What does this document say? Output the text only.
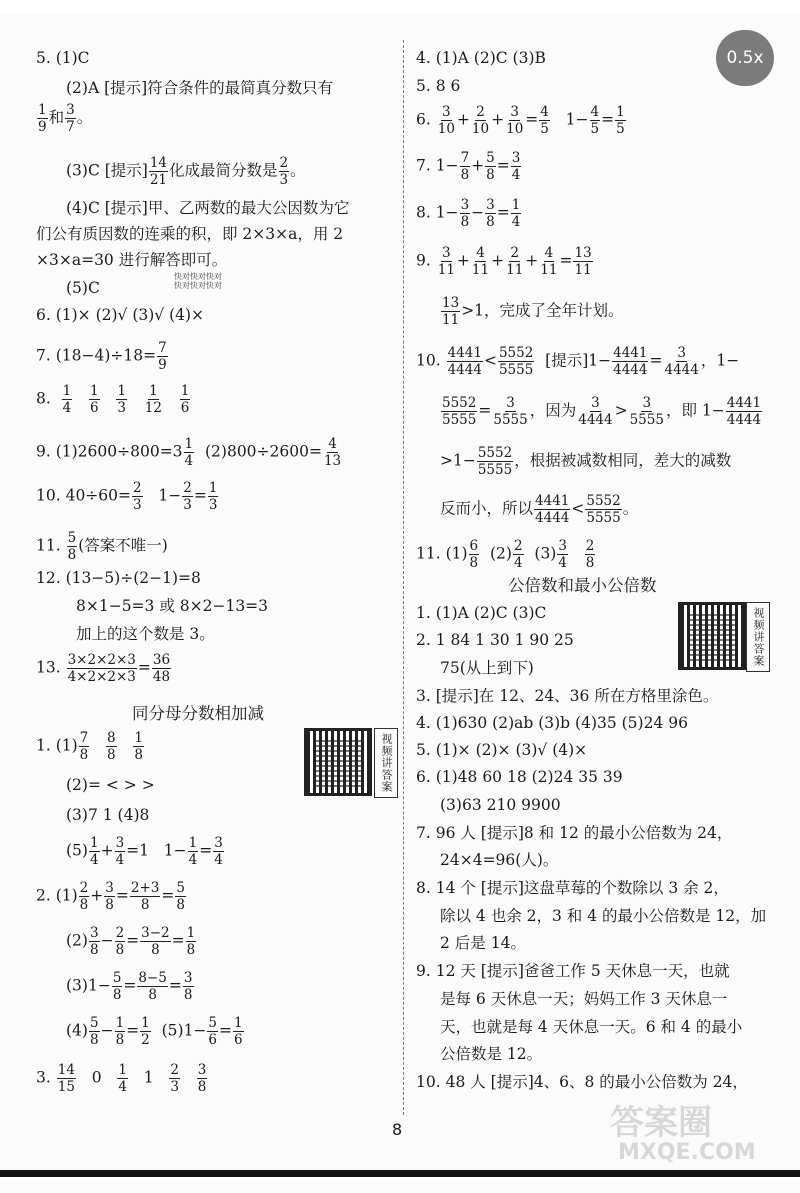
0.5x
5. (1)C
(2)A [提示]符合条件的最简真分数只有
$\frac{1}{9}$ 和 $\frac{3}{7}$ 。
(3)C [提示] $\frac{14}{21}$ 化成最简分数是 $\frac{2}{3}$ 。
(4)C [提示]甲、乙两数的最大公因数为它
们公有质因数的连乘的积，即 2×3×a，用 2
×3×a=30 进行解答即可。
快对快对快对
快对快对快对
(5)C
6. (1)× (2)√ (3)√ (4)×
7. $(18-4)\div 18= \frac{7}{9}$
8. $\frac{1}{4}$
$\frac{1}{6}$
$\frac{1}{3}$
$\frac{1}{12}$
$\frac{1}{6}$
9. $(1)2600\div 800=3 \frac{1}{4} (2)800\div 2600= \frac{4}{13}$
10. $40\div 60= \frac{2}{3} 1- \frac{2}{3} = \frac{1}{3}$
11. $\frac{5}{8}$ (答案不唯一)
12. (13−5)÷(2−1)=8
8×1−5=3 或 8×2−13=3
加上的这个数是 3。
13. $\frac{3\times 2\times 2\times 3}{4\times 2\times 2\times 3} = \frac{36}{48}$
同分母分数相加减
1. $(1) \frac{7}{8}$
$\frac{8}{8}$
$\frac{1}{8}$	视频讲答案
(2)= < > >
(3)7 1 (4)8
$(5) \frac{1}{4} + \frac{3}{4} =1$   $1- \frac{1}{4} = \frac{3}{4}$
2. $(1) \frac{2}{8} + \frac{3}{8} = \frac{2+3}{8} = \frac{5}{8}$
$(2) \frac{3}{8} - \frac{2}{8} = \frac{3-2}{8} = \frac{1}{8}$
$(3)1- \frac{5}{8} = \frac{8-5}{8} = \frac{3}{8}$
$(4) \frac{5}{8} - \frac{1}{8} = \frac{1}{2} (5)1- \frac{5}{6} = \frac{1}{6}$
3. $\frac{14}{15} 0 \frac{1}{4} 1 \frac{2}{3}$
$\frac{3}{8}$
4. (1)A (2)C (3)B
5. 8 6
6. $\frac{3}{10} + \frac{2}{10} + \frac{3}{10} = \frac{4}{5} 1- \frac{4}{5} = \frac{1}{5}$
7. $1- \frac{7}{8} + \frac{5}{8} = \frac{3}{4}$
8. $1- \frac{3}{8} - \frac{3}{8} = \frac{1}{4}$
9. $\frac{3}{11} + \frac{4}{11} + \frac{2}{11} + \frac{4}{11} = \frac{13}{11}$
$\frac{13}{11} >1$，完成了全年计划。
10. $\frac{4441}{4444} < \frac{5552}{5555}$ [提示]$1- \frac{4441}{4444} = \frac{3}{4444}$ ，1−
$\frac{5552}{5555} = \frac{3}{5555}$ ，因为 $\frac{3}{4444} > \frac{3}{5555}$ ，即 $1- \frac{4441}{4444}$
$>1- \frac{5552}{5555}$ ，根据被减数相同，差大的减数
反而小，所以 $\frac{4441}{4444} < \frac{5552}{5555}$ 。
11. $(1) \frac{6}{8} (2) \frac{2}{4} (3) \frac{3}{4}$
$\frac{2}{8}$
公倍数和最小公倍数
1. (1)A (2)C (3)C	视频讲答案
2. 1 84 1 30 1 90 25
75(从上到下)
3. [提示]在 12、24、36 所在方格里涂色。
4. (1)630 (2)ab (3)b (4)35 (5)24 96
5. (1)× (2)× (3)√ (4)×
6. (1)48 60 18 (2)24 35 39
(3)63 210 9900
7. 96 人 [提示]8 和 12 的最小公倍数为 24，
24×4=96(人)。
8. 14 个 [提示]这盘草莓的个数除以 3 余 2，
除以 4 也余 2，3 和 4 的最小公倍数是 12，加
2 后是 14。
9. 12 天 [提示]爸爸工作 5 天休息一天，也就
是每 6 天休息一天；妈妈工作 3 天休息一
天，也就是每 4 天休息一天。6 和 4 的最小
公倍数是 12。
10. 48 人 [提示]4、6、8 的最小公倍数为 24，
8	答案圈
MXQE.COM
